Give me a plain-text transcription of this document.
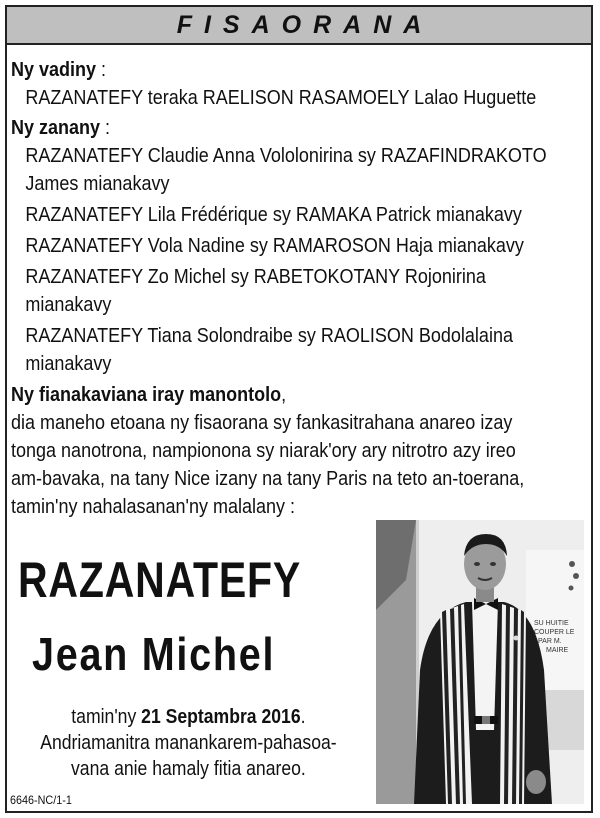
FISAORANA
Ny vadiny :
RAZANATEFY teraka RAELISON RASAMOELY Lalao Huguette
Ny zanany :
RAZANATEFY Claudie Anna Vololonirina sy RAZAFINDRAKOTO
James mianakavy
RAZANATEFY Lila Frédérique sy RAMAKA Patrick mianakavy
RAZANATEFY Vola Nadine sy RAMAROSON Haja mianakavy
RAZANATEFY Zo Michel sy RABETOKOTANY Rojonirina
mianakavy
RAZANATEFY Tiana Solondraibe sy RAOLISON Bodolalaina
mianakavy
Ny fianakaviana iray manontolo,
dia maneho etoana ny fisaorana sy fankasitrahana anareo izay
tonga nanotrona, nampionona sy niarak'ory ary nitrotro azy ireo
am-bavaka, na tany Nice izany na tany Paris na teto an-toerana,
tamin'ny nahalasanan'ny malalany :
RAZANATEFY
Jean Michel
tamin'ny 21 Septambra 2016.
Andriamanitra manankarem-pahasoa-
vana anie hamaly fitia anareo.
6646-NC/1-1
SU HUITIE
COUPER LE
PAR M.
MAIRE
